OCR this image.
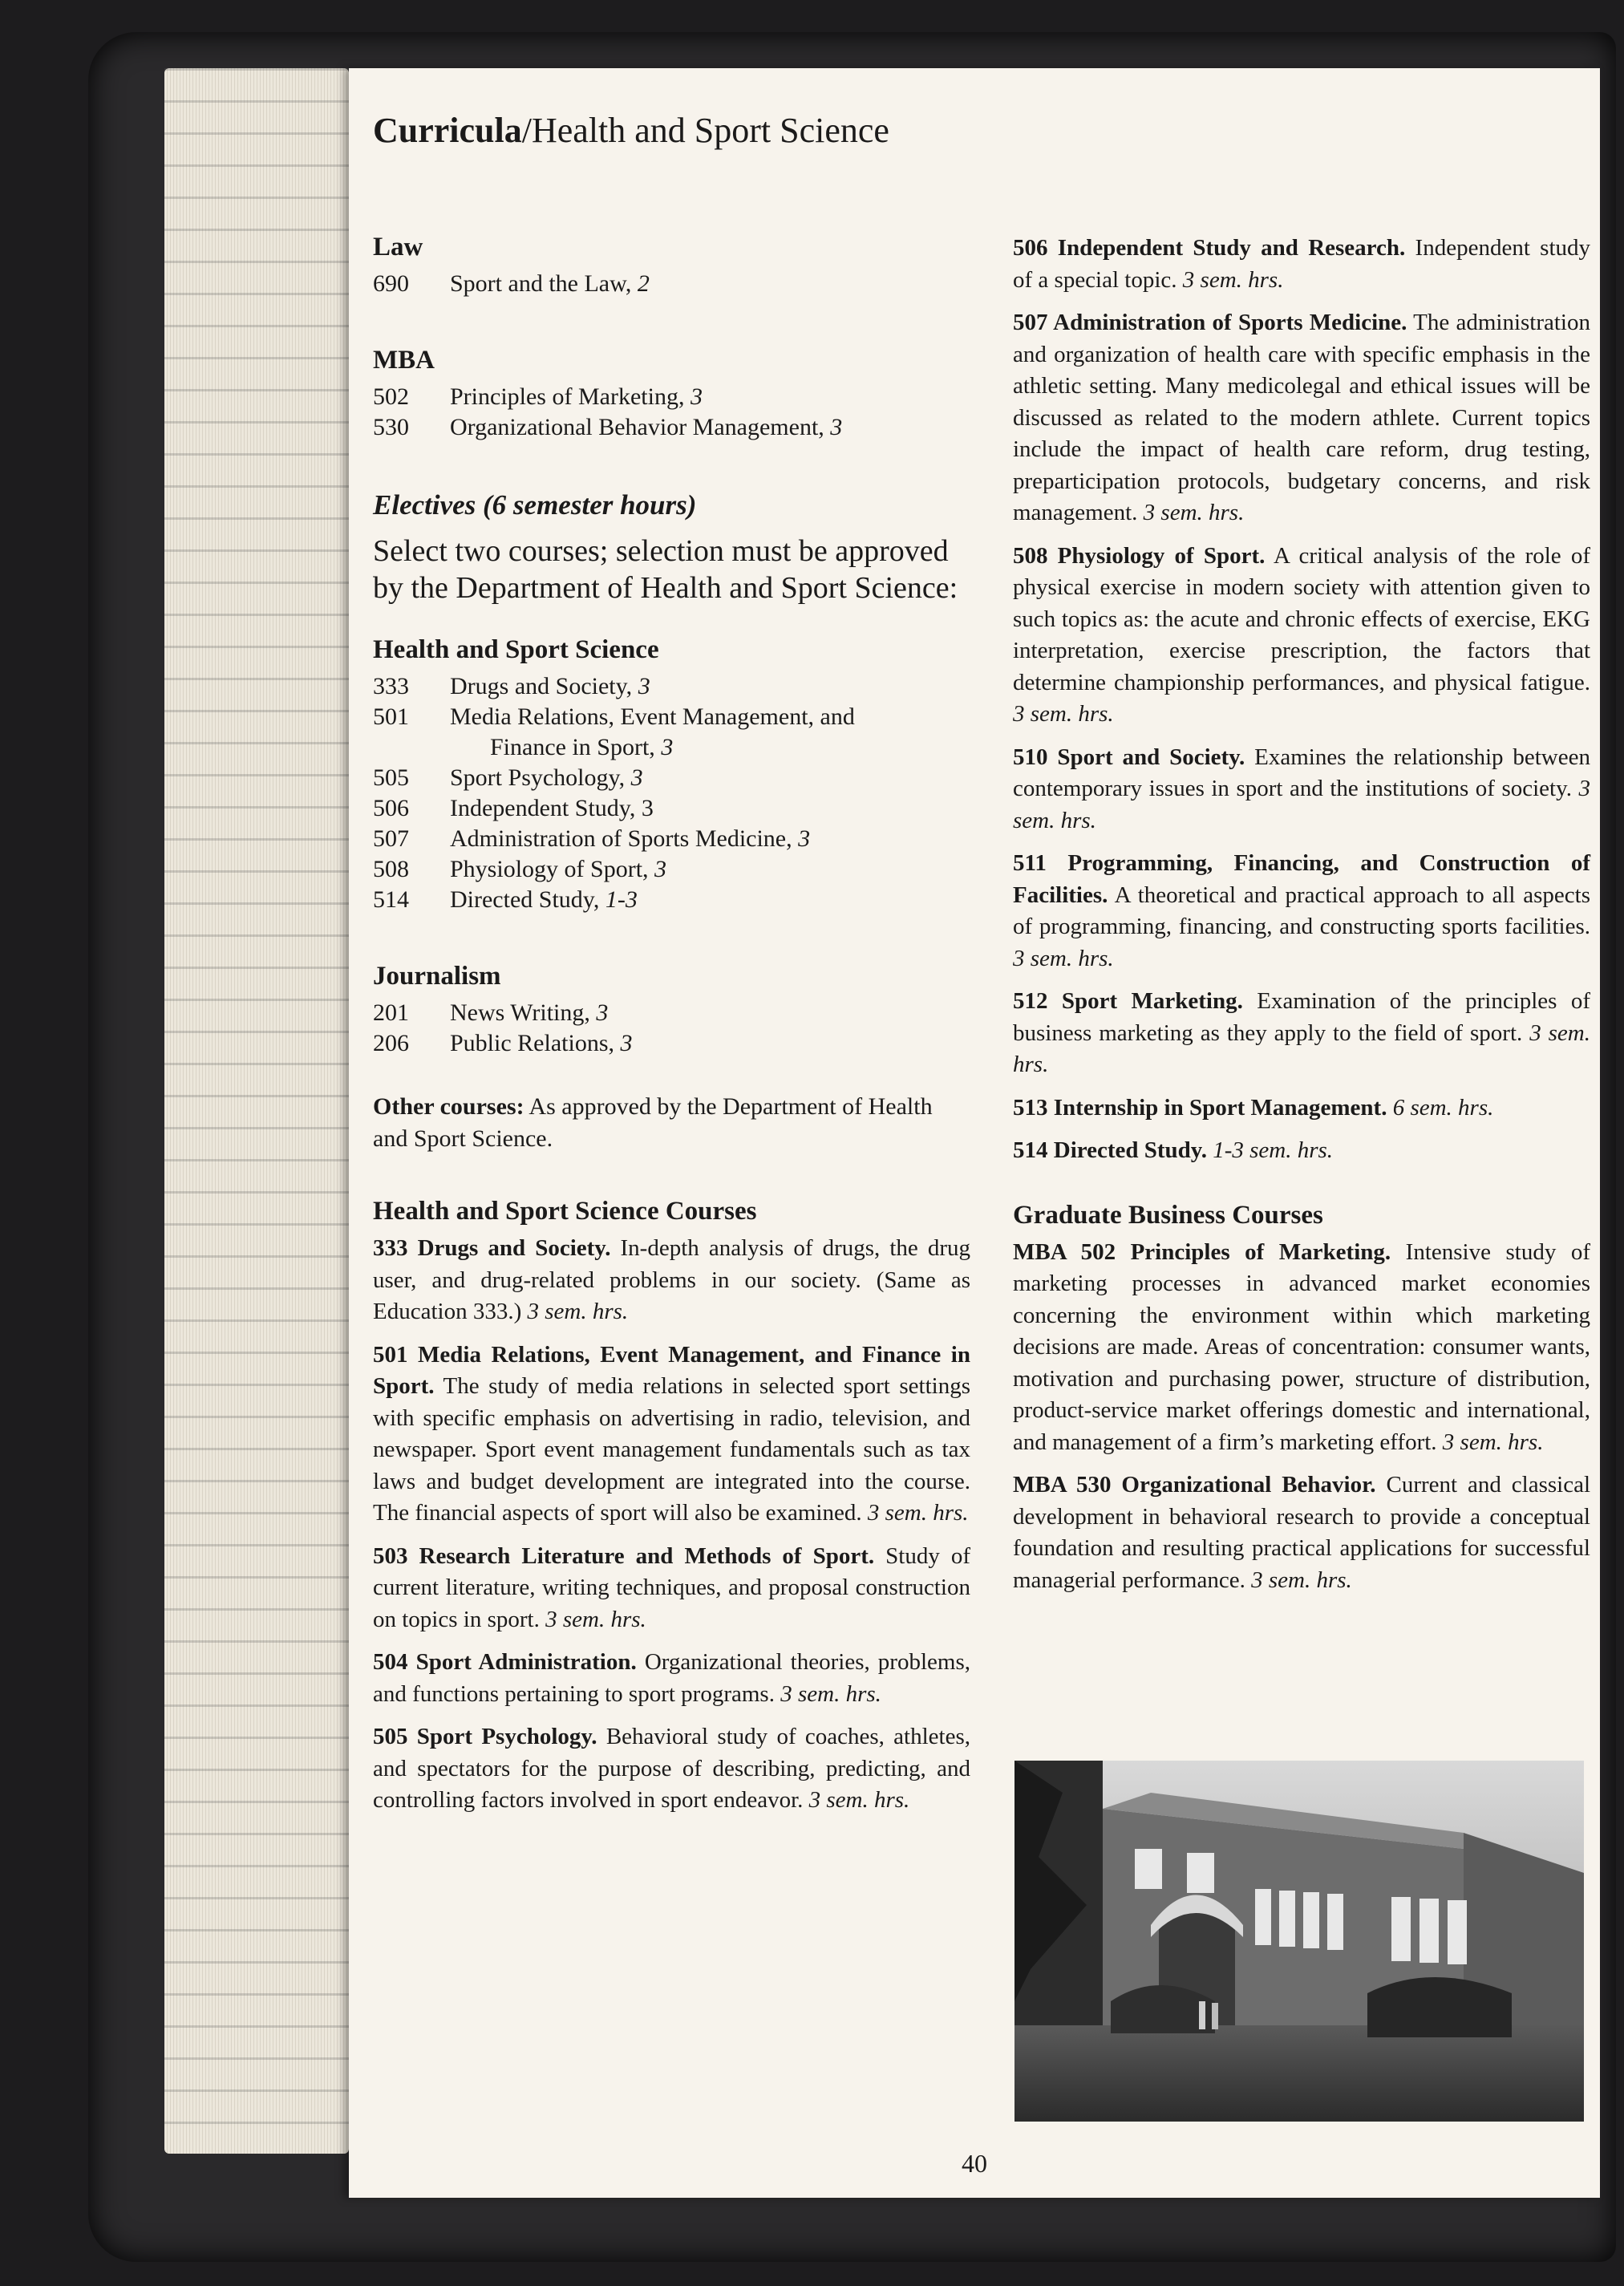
Curricula/Health and Sport Science
Law
690	Sport and the Law, 2
MBA
502	Principles of Marketing, 3
530	Organizational Behavior Management, 3
Electives (6 semester hours)
Select two courses; selection must be approved by the Department of Health and Sport Science:
Health and Sport Science
333	Drugs and Society, 3
501	Media Relations, Event Management, and
Finance in Sport, 3
505	Sport Psychology, 3
506	Independent Study, 3
507	Administration of Sports Medicine, 3
508	Physiology of Sport, 3
514	Directed Study, 1-3
Journalism
201	News Writing, 3
206	Public Relations, 3
Other courses: As approved by the Department of Health and Sport Science.
Health and Sport Science Courses

333 Drugs and Society. In-depth analysis of drugs, the drug user, and drug-related problems in our society. (Same as Education 333.) 3 sem. hrs.

501 Media Relations, Event Management, and Finance in Sport. The study of media relations in selected sport settings with specific emphasis on advertising in radio, television, and newspaper. Sport event management fundamentals such as tax laws and budget development are integrated into the course. The financial aspects of sport will also be examined. 3 sem. hrs.

503 Research Literature and Methods of Sport. Study of current literature, writing techniques, and proposal construction on topics in sport. 3 sem. hrs.

504 Sport Administration. Organizational theories, problems, and functions pertaining to sport programs. 3 sem. hrs.

505 Sport Psychology. Behavioral study of coaches, athletes, and spectators for the purpose of describing, predicting, and controlling factors involved in sport endeavor. 3 sem. hrs.

506 Independent Study and Research. Independent study of a special topic. 3 sem. hrs.

507 Administration of Sports Medicine. The administration and organization of health care with specific emphasis in the athletic setting. Many medicolegal and ethical issues will be discussed as related to the modern athlete. Current topics include the impact of health care reform, drug testing, preparticipation protocols, budgetary concerns, and risk management. 3 sem. hrs.

508 Physiology of Sport. A critical analysis of the role of physical exercise in modern society with attention given to such topics as: the acute and chronic effects of exercise, EKG interpretation, exercise prescription, the factors that determine championship performances, and physical fatigue. 3 sem. hrs.

510 Sport and Society. Examines the relationship between contemporary issues in sport and the institutions of society. 3 sem. hrs.

511 Programming, Financing, and Construction of Facilities. A theoretical and practical approach to all aspects of programming, financing, and constructing sports facilities. 3 sem. hrs.

512 Sport Marketing. Examination of the principles of business marketing as they apply to the field of sport. 3 sem. hrs.

513 Internship in Sport Management. 6 sem. hrs.

514 Directed Study. 1-3 sem. hrs.

Graduate Business Courses

MBA 502 Principles of Marketing. Intensive study of marketing processes in advanced market economies concerning the environment within which marketing decisions are made. Areas of concentration: consumer wants, motivation and purchasing power, structure of distribution, product-service market offerings domestic and international, and management of a firm’s marketing effort. 3 sem. hrs.

MBA 530 Organizational Behavior. Current and classical development in behavioral research to provide a conceptual foundation and resulting practical applications for successful managerial performance. 3 sem. hrs.

40
